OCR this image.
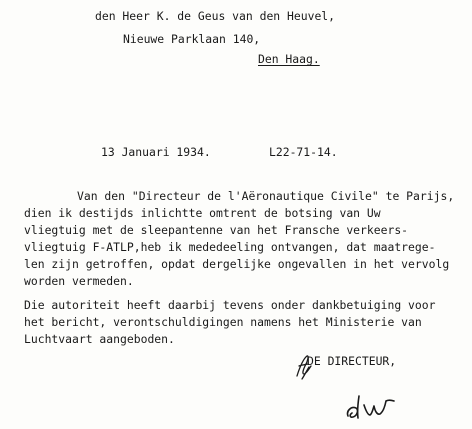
den Heer K. de Geus van den Heuvel,
Nieuwe Parklaan 140,
Den Haag.
13 Januari 1934.	L22-71-14.
Van den "Directeur de l'Aëronautique Civile" te Parijs,
dien ik destijds inlichtte omtrent de botsing van Uw
vliegtuig met de sleepantenne van het Fransche verkeers-
vliegtuig F-ATLP,heb ik mededeeling ontvangen, dat maatrege-
len zijn getroffen, opdat dergelijke ongevallen in het vervolg
worden vermeden.
Die autoriteit heeft daarbij tevens onder dankbetuiging voor
het bericht, verontschuldigingen namens het Ministerie van
Luchtvaart aangeboden.
DE DIRECTEUR,
